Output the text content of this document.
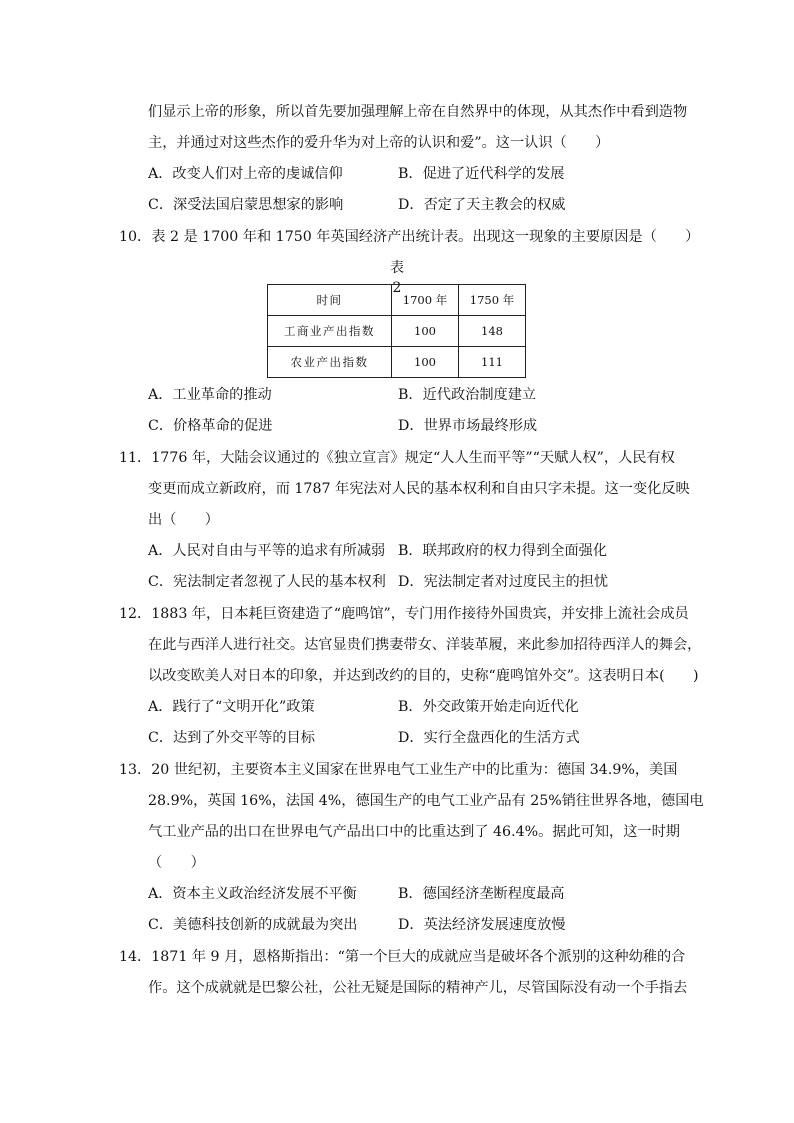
们显示上帝的形象，所以首先要加强理解上帝在自然界中的体现，从其杰作中看到造物
主，并通过对这些杰作的爱升华为对上帝的认识和爱”。这一认识（　　）
A．改变人们对上帝的虔诚信仰	B．促进了近代科学的发展
C．深受法国启蒙思想家的影响	D．否定了天主教会的权威
10．表 2 是 1700 年和 1750 年英国经济产出统计表。出现这一现象的主要原因是（　　）
表 2
时间	1700 年	1750 年
工商业产出指数	100	148
农业产出指数	100	111
A．工业革命的推动	B．近代政治制度建立
C．价格革命的促进	D．世界市场最终形成
11．1776 年，大陆会议通过的《独立宣言》规定“人人生而平等”“天赋人权”，人民有权
变更而成立新政府，而 1787 年宪法对人民的基本权利和自由只字未提。这一变化反映
出（　　）
A．人民对自由与平等的追求有所减弱 B．联邦政府的权力得到全面强化
C．宪法制定者忽视了人民的基本权利 D．宪法制定者对过度民主的担忧
12．1883 年，日本耗巨资建造了“鹿鸣馆”，专门用作接待外国贵宾，并安排上流社会成员
在此与西洋人进行社交。达官显贵们携妻带女、洋装革履，来此参加招待西洋人的舞会，
以改变欧美人对日本的印象，并达到改约的目的，史称“鹿鸣馆外交”。这表明日本(　　)
A．践行了“文明开化”政策	B．外交政策开始走向近代化
C．达到了外交平等的目标	D．实行全盘西化的生活方式
13．20 世纪初，主要资本主义国家在世界电气工业生产中的比重为：德国 34.9%，美国
28.9%，英国 16%，法国 4%，德国生产的电气工业产品有 25%销往世界各地，德国电
气工业产品的出口在世界电气产品出口中的比重达到了 46.4%。据此可知，这一时期
（　　）
A．资本主义政治经济发展不平衡	B．德国经济垄断程度最高
C．美德科技创新的成就最为突出	D．英法经济发展速度放慢
14．1871 年 9 月，恩格斯指出：“第一个巨大的成就应当是破坏各个派别的这种幼稚的合
作。这个成就就是巴黎公社，公社无疑是国际的精神产儿，尽管国际没有动一个手指去
